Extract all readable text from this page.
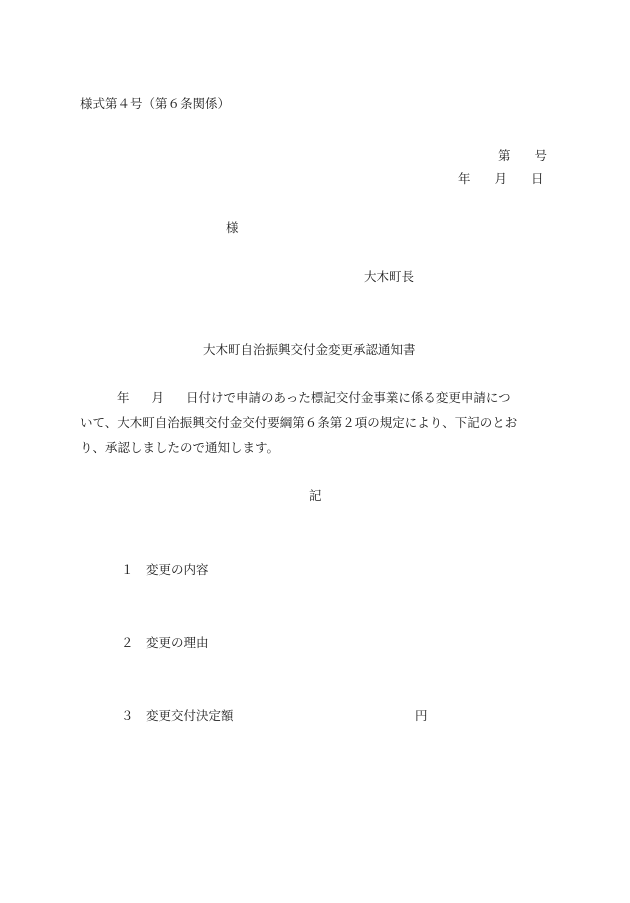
様式第４号（第６条関係）
第 号
年 月 日
様
大木町長
大木町自治振興交付金変更承認通知書
年 月 日付けで申請のあった標記交付金事業に係る変更申請につ
いて、大木町自治振興交付金交付要綱第６条第２項の規定により、下記のとお
り、承認しましたので通知します。
記
１ 変更の内容
２ 変更の理由
３ 変更交付決定額	円
